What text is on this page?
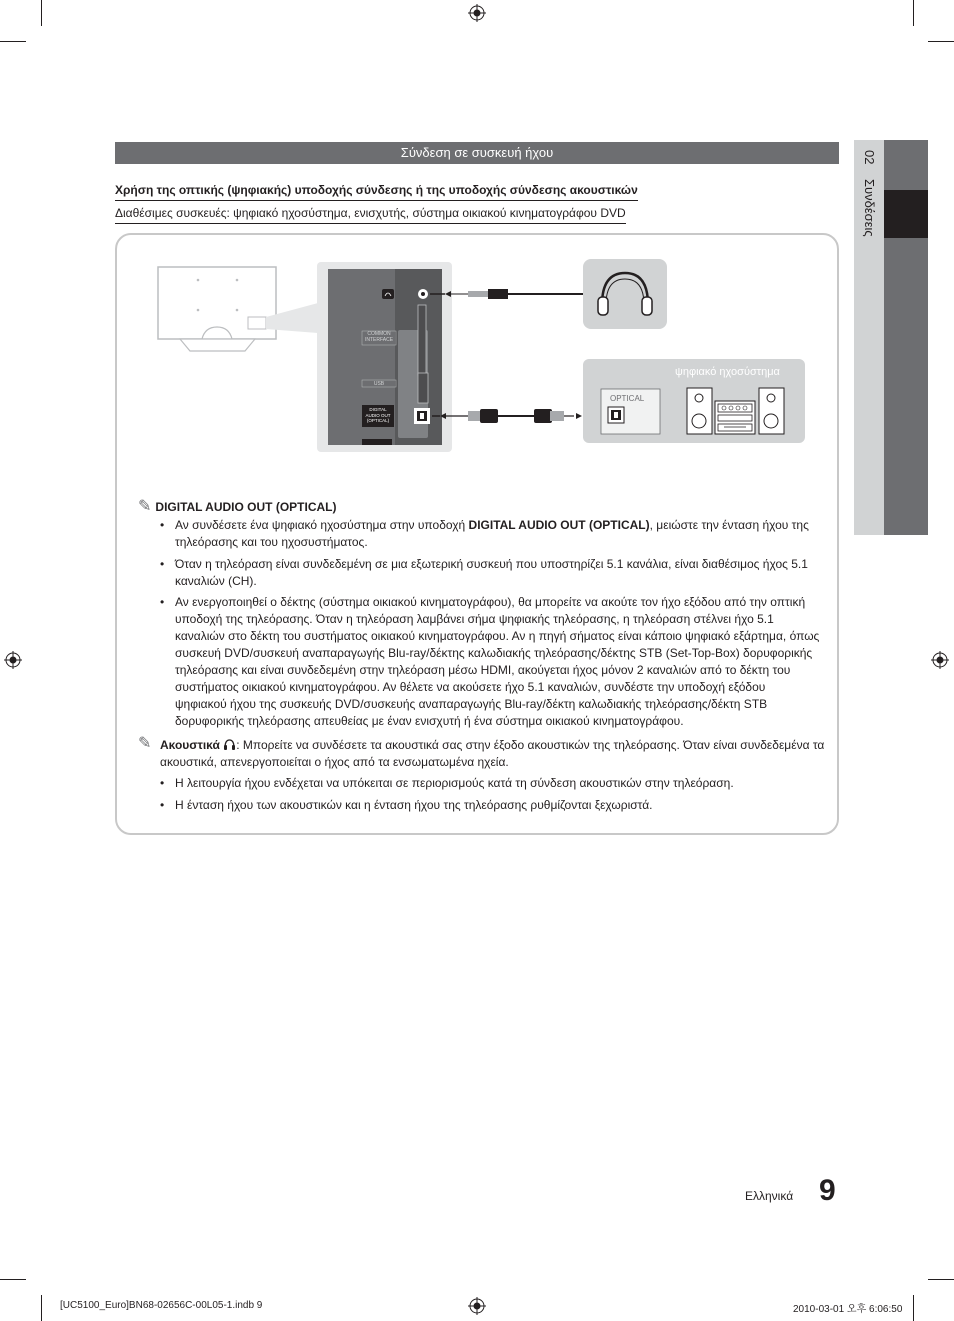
02   Συνδέσεις
Σύνδεση σε συσκευή ήχου
Χρήση της οπτικής (ψηφιακής) υποδοχής σύνδεσης ή της υποδοχής σύνδεσης ακουστικών
Διαθέσιμες συσκευές: ψηφιακό ηχοσύστημα, ενισχυτής, σύστημα οικιακού κινηματογράφου DVD
COMMON INTERFACE
USB
DIGITAL AUDIO OUT (OPTICAL)
ψηφιακό ηχοσύστημα
OPTICAL
✎ DIGITAL AUDIO OUT (OPTICAL)
• Αν συνδέσετε ένα ψηφιακό ηχοσύστημα στην υποδοχή DIGITAL AUDIO OUT (OPTICAL), μειώστε την ένταση ήχου της τηλεόρασης και του ηχοσυστήματος.
• Όταν η τηλεόραση είναι συνδεδεμένη σε μια εξωτερική συσκευή που υποστηρίζει 5.1 κανάλια, είναι διαθέσιμος ήχος 5.1 καναλιών (CH).
• Αν ενεργοποιηθεί ο δέκτης (σύστημα οικιακού κινηματογράφου), θα μπορείτε να ακούτε τον ήχο εξόδου από την οπτική υποδοχή της τηλεόρασης. Όταν η τηλεόραση λαμβάνει σήμα ψηφιακής τηλεόρασης, η τηλεόραση στέλνει ήχο 5.1 καναλιών στο δέκτη του συστήματος οικιακού κινηματογράφου. Αν η πηγή σήματος είναι κάποιο ψηφιακό εξάρτημα, όπως συσκευή DVD/συσκευή αναπαραγωγής Blu-ray/δέκτης καλωδιακής τηλεόρασης/δέκτης STB (Set-Top-Box) δορυφορικής τηλεόρασης και είναι συνδεδεμένη στην τηλεόραση μέσω HDMI, ακούγεται ήχος μόνον 2 καναλιών από το δέκτη του συστήματος οικιακού κινηματογράφου. Αν θέλετε να ακούσετε ήχο 5.1 καναλιών, συνδέστε την υποδοχή εξόδου ψηφιακού ήχου της συσκευής DVD/συσκευής αναπαραγωγής Blu-ray/δέκτη καλωδιακής τηλεόρασης/δέκτη STB δορυφορικής τηλεόρασης απευθείας με έναν ενισχυτή ή ένα σύστημα οικιακού κινηματογράφου.
✎ Ακουστικά : Μπορείτε να συνδέσετε τα ακουστικά σας στην έξοδο ακουστικών της τηλεόρασης. Όταν είναι συνδεδεμένα τα ακουστικά, απενεργοποιείται ο ήχος από τα ενσωματωμένα ηχεία.
• Η λειτουργία ήχου ενδέχεται να υπόκειται σε περιορισμούς κατά τη σύνδεση ακουστικών στην τηλεόραση.
• Η ένταση ήχου των ακουστικών και η ένταση ήχου της τηλεόρασης ρυθμίζονται ξεχωριστά.
Ελληνικά 9
[UC5100_Euro]BN68-02656C-00L05-1.indb 9	2010-03-01 오후 6:06:50
